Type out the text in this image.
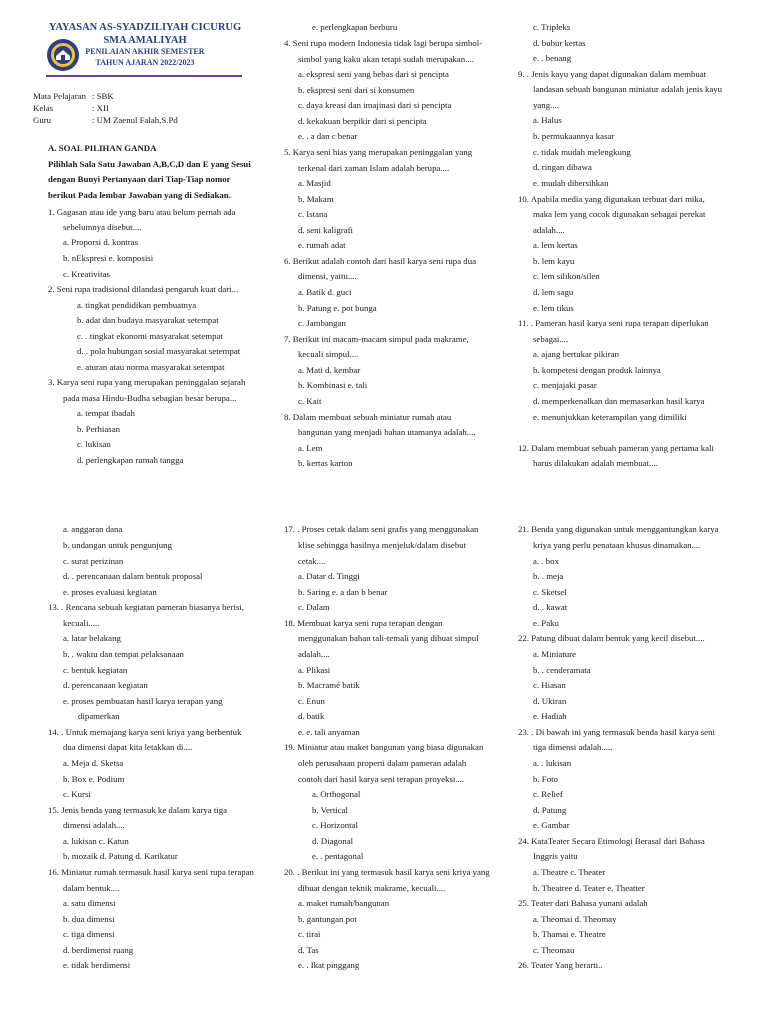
YAYASAN AS-SYADZILIYAH CICURUG
SMA AMALIYAH
PENILAIAN AKHIR SEMESTER
TAHUN AJARAN 2022/2023
Mata Pelajaran : SBK
Kelas	: XII
Guru	: UM Zaenul Falah,S.Pd
A. SOAL PILIHAN GANDA
Pilihlah Sala Satu Jawaban A,B,C,D dan E yang Sesui
dengan Bunyi Pertanyaan dari Tiap-Tiap nomor
berikut Pada lembar Jawaban yang di Sediakan.
1. Gagasan atau ide yang baru atau belum pernah ada
sebelumnya disebut....
a. Proporsi d. kontras
b. nEkspresi e. komposisi
c. Kreativitas
2. Seni rupa tradisional dilandasi pengaruh kuat dari...
a. tingkat pendidikan pembuatnya
b. adat dan budaya masyarakat setempat
c. . tingkat ekonomi masyarakat setempat
d. . pola hubungan sosial masyarakat setempat
e. aturan atau norma masyarakat setempat
3. Karya seni rupa yang merupakan peninggalan sejarah
pada masa Hindu-Budha sebagian besar berupa...
a. tempat ibadah
b. Perhiasan
c. lukisan
d. perlengkapan rumah tangga
e. perlengkapan berburu
4. Seni rupa modern Indonesia tidak lagi berupa simbol-
simbol yang kaku akan tetapi sudah merupakan....
a. ekspresi seni yang bebas dari si pencipta
b. ekspresi seni dari si konsumen
c. daya kreasi dan imajinasi dari si pencipta
d. kekakuan berpikir dari si pencipta
e. . a dan c benar
5. Karya seni hias yang merupakan peninggalan yang
terkenal dari zaman Islam adalah berupa....
a. Masjid
b. Makam
c. Istana
d. seni kaligrafi
e. rumah adat
6. Berikut adalah contoh dari hasil karya seni rupa dua
dimensi, yaitu....
a. Batik d. guci
b. Patung e. pot bunga
c. Jambangan
7. Berikut ini macam-macam simpul pada makrame,
kecuali simpul....
a. Mati d. kembar
b. Kombinasi e. tali
c. Kait
8. Dalam membuat sebuah miniatur rumah atau
bangunan yang menjadi bahan utamanya adalah....
a. Lem
b. kertas karton
c. Tripleks
d. bubur kertas
e. . benang
9. . Jenis kayu yang dapat digunakan dalam membuat
landasan sebuah bangunan miniatur adalah jenis kayu
yang....
a. Halus
b. permukaannya kasar
c. tidak mudah melengkung
d. ringan dibawa
e. mudah dibersihkan
10. Apabila media yang digunakan terbuat dari mika,
maka lem yang cocok digunakan sebagai perekat
adalah....
a. lem kertas
b. lem kayu
c. lem silikon/silen
d. lem sagu
e. lem tikus
11. . Pameran hasil karya seni rupa terapan diperlukan
sebagai....
a. ajang bertukar pikiran
b. kompetesi dengan produk lainnya
c. menjajaki pasar
d. memperkenalkan dan memasarkan hasil karya
e. menunjukkan keterampilan yang dimiliki
12. Dalam membuat sebuah pameran yang pertama kali
harus dilakukan adalah membuat....
a. anggaran dana
b. undangan untuk pengunjung
c. surat perizinan
d. . perencanaan dalam bentuk proposal
e. proses evaluasi kegiatan
13. . Rencana sebuah kegiatan pameran biasanya berisi,
kecuali.....
a. latar belakang
b. . waktu dan tempat pelaksanaan
c. bentuk kegiatan
d. perencanaan kegiatan
e. proses pembuatan hasil karya terapan yang
dipamerkan
14. . Untuk memajang karya seni kriya yang berbentuk
dua dimensi dapat kita letakkan di....
a. Meja d. Sketsa
b. Box e. Podium
c. Kursi
15. Jenis benda yang termasuk ke dalam karya tiga
dimensi adalah....
a. lukisan c. Katun
b. mozaik d. Patung d. Karikatur
16. Miniatur rumah termasuk hasil karya seni rupa terapan
dalam bentuk....
a. satu dimensi
b. dua dimensi
c. tiga dimensi
d. berdimensi ruang
e. tidak berdimensi
17. . Proses cetak dalam seni grafis yang menggunakan
klise sehingga hasilnya menjeluk/dalam disebut
cetak....
a. Datar d. Tinggi
b. Saring e. a dan b benar
c. Dalam
18. Membuat karya seni rupa terapan dengan
menggunakan bahan tali-temali yang dibuat simpul
adalah....
a. Plikasi
b. Macramé batik
c. Enun
d. batik
e. e. tali anyaman
19. Miniatur atau maket bangunan yang biasa digunakan
oleh perusahaan properti dalam pameran adalah
contoh dari hasil karya seni terapan proyeksi....
a. Orthogonal
b. Vertical
c. Horizontal
d. Diagonal
e. . pentagonal
20. . Berikut ini yang termasuk hasil karya seni kriya yang
dibuat dengan teknik makrame, kecuali....
a. maket rumah/bangunan
b. gantungan pot
c. tirai
d. Tas
e. . Ikat pinggang
21. Benda yang digunakan untuk menggantungkan karya
kriya yang perlu penataan khusus dinamakan....
a. . box
b. . meja
c. Sketsel
d. . kawat
e. Paku
22. Patung dibuat dalam bentuk yang kecil disebut....
a. Miniature
b. . cenderamata
c. Hiasan
d. Ukiran
e. Hadiah
23. . Di bawah ini yang termasuk benda hasil karya seni
tiga dimensi adalah.....
a. . lukisan
b. Foto
c. Relief
d. Patung
e. Gambar
24. KataTeater Secara Etimologi Berasal dari Bahasa
Inggris yaitu
a. Theatre c. Theater
b. Theatree d. Teater e. Theatter
25. Teater dari Bahasa yunani adalah
a. Theomai d. Theomay
b. Thamai e. Theatre
c. Theomau
26. Teater Yang berarti..
